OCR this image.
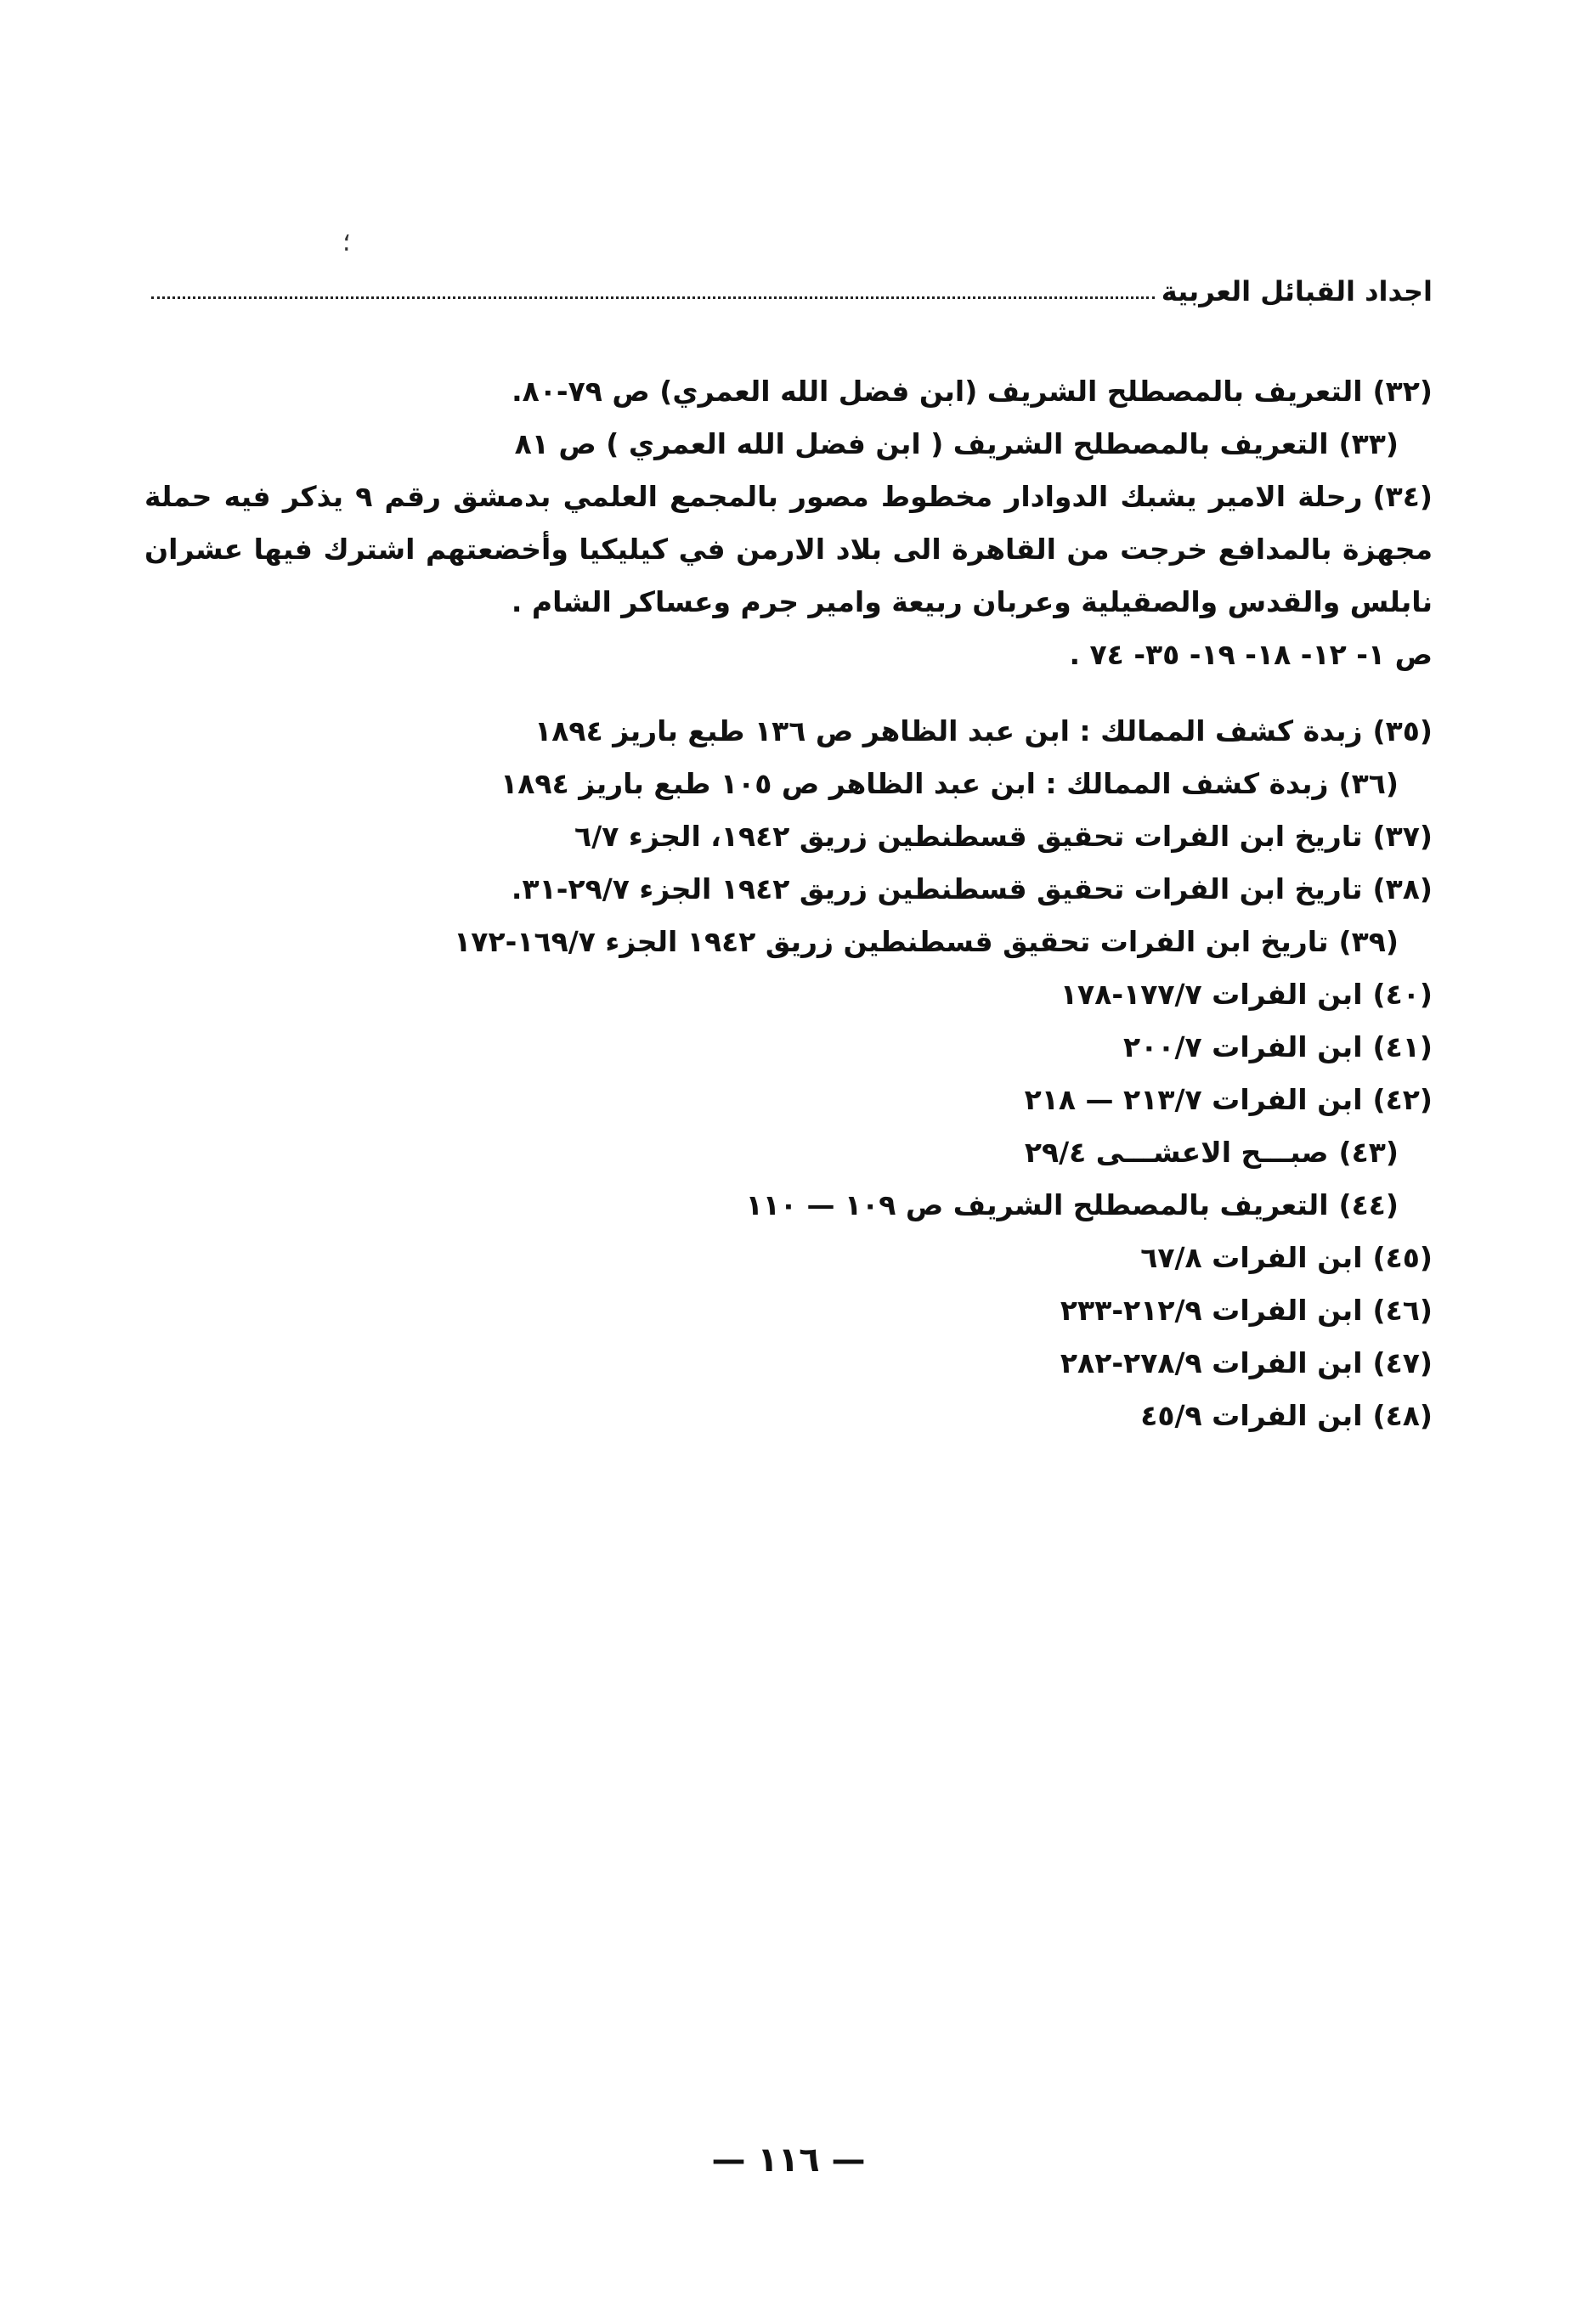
؛
اجداد القبائل العربية
(٣٢)التعريف بالمصطلح الشريف (ابن فضل الله العمري) ص ٧٩-٨٠.
(٣٣)التعريف بالمصطلح الشريف ( ابن فضل الله العمري ) ص ٨١
(٣٤)رحلة الامير يشبك الدوادار مخطوط مصور بالمجمع العلمي بدمشق رقم ٩ يذكر فيه حملة مجهزة بالمدافع خرجت من القاهرة الى بلاد الارمن في كيليكيا وأخضعتهم اشترك فيها عشران نابلس والقدس والصقيلية وعربان ربيعة وامير جرم وعساكر الشام .
ص ١- ١٢- ١٨- ١٩- ٣٥- ٧٤ .
(٣٥)زبدة كشف الممالك : ابن عبد الظاهر ص ١٣٦ طبع باريز ١٨٩٤
(٣٦)زبدة كشف الممالك : ابن عبد الظاهر ص ١٠٥ طبع باريز ١٨٩٤
(٣٧)تاريخ ابن الفرات تحقيق قسطنطين زريق ١٩٤٢، الجزء ٦/٧
(٣٨)تاريخ ابن الفرات تحقيق قسطنطين زريق ١٩٤٢ الجزء ٢٩/٧-٣١.
(٣٩)تاريخ ابن الفرات تحقيق قسطنطين زريق ١٩٤٢ الجزء ١٦٩/٧-١٧٢
(٤٠)ابن الفرات ١٧٧/٧-١٧٨
(٤١)ابن الفرات ٢٠٠/٧
(٤٢)ابن الفرات ٢١٣/٧ — ٢١٨
(٤٣)صبـــح الاعشـــى ٢٩/٤
(٤٤)التعريف بالمصطلح الشريف ص ١٠٩ — ١١٠
(٤٥)ابن الفرات ٦٧/٨
(٤٦)ابن الفرات ٢١٢/٩-٢٣٣
(٤٧)ابن الفرات ٢٧٨/٩-٢٨٢
(٤٨)ابن الفرات ٤٥/٩
— ١١٦ —
